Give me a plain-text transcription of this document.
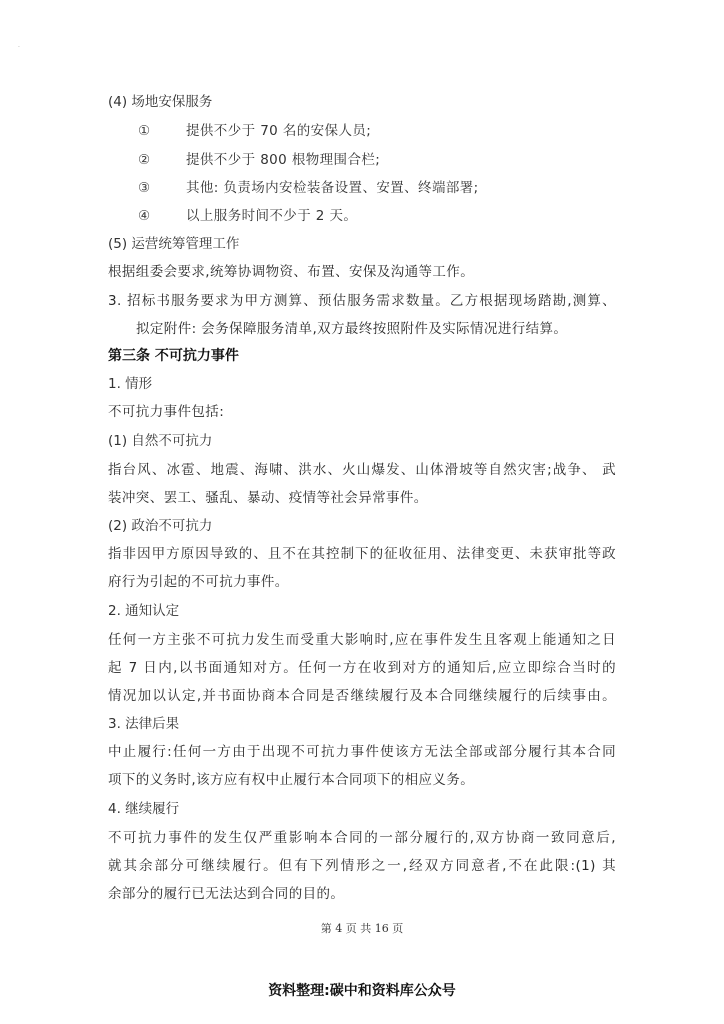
·
(4) 场地安保服务
①	提供不少于 70 名的安保人员;
②	提供不少于 800 根物理围合栏;
③	其他: 负责场内安检装备设置、安置、终端部署;
④	以上服务时间不少于 2 天。
(5) 运营统筹管理工作
根据组委会要求,统筹协调物资、布置、安保及沟通等工作。
3. 招标书服务要求为甲方测算、预估服务需求数量。乙方根据现场踏勘,测算、
拟定附件: 会务保障服务清单,双方最终按照附件及实际情况进行结算。
第三条 不可抗力事件
1. 情形
不可抗力事件包括:
(1) 自然不可抗力
指台风、冰雹、地震、海啸、洪水、火山爆发、山体滑坡等自然灾害;战争、 武
装冲突、罢工、骚乱、暴动、疫情等社会异常事件。
(2) 政治不可抗力
指非因甲方原因导致的、且不在其控制下的征收征用、法律变更、未获审批等政
府行为引起的不可抗力事件。
2. 通知认定
任何一方主张不可抗力发生而受重大影响时,应在事件发生且客观上能通知之日
起 7 日内,以书面通知对方。任何一方在收到对方的通知后,应立即综合当时的
情况加以认定,并书面协商本合同是否继续履行及本合同继续履行的后续事由。
3. 法律后果
中止履行:任何一方由于出现不可抗力事件使该方无法全部或部分履行其本合同
项下的义务时,该方应有权中止履行本合同项下的相应义务。
4. 继续履行
不可抗力事件的发生仅严重影响本合同的一部分履行的,双方协商一致同意后,
就其余部分可继续履行。但有下列情形之一,经双方同意者,不在此限:(1) 其
余部分的履行已无法达到合同的目的。
第 4 页 共 16 页
资料整理:碳中和资料库公众号
